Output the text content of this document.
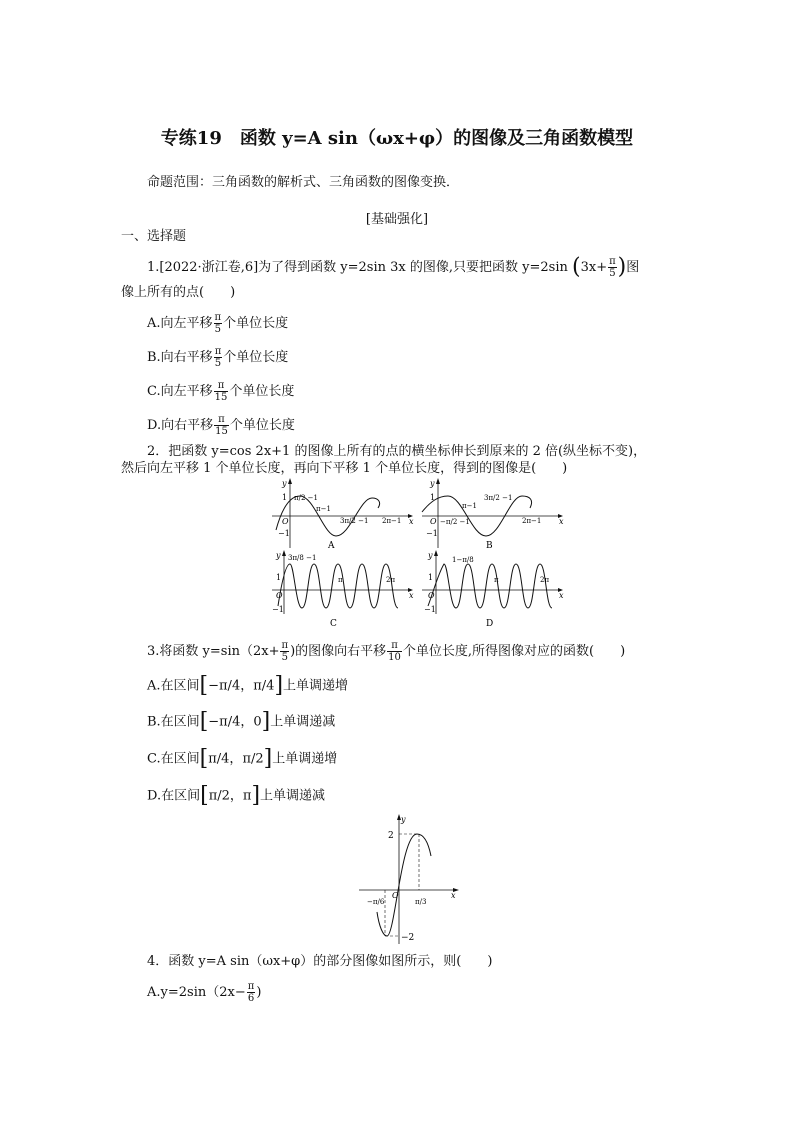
专练19　函数 y=A sin（ωx+φ）的图像及三角函数模型
命题范围：三角函数的解析式、三角函数的图像变换．
[基础强化]
一、选择题
1.[2022·浙江卷,6]为了得到函数 y=2sin 3x 的图像,只要把函数 y=2sin ($3x+ \frac{\pi}{5}$ )图
像上所有的点(　　)
A.向左平移 $\frac{\pi}{5}$ 个单位长度
B.向右平移 $\frac{\pi}{5}$ 个单位长度
C.向左平移 $\frac{\pi}{15}$ 个单位长度
D.向右平移 $\frac{\pi}{15}$ 个单位长度
2．把函数 y=cos 2x+1 的图像上所有的点的横坐标伸长到原来的 2 倍(纵坐标不变)，
然后向左平移 1 个单位长度，再向下平移 1 个单位长度，得到的图像是(　　)
y
x
O
1
−1
π/2 −1
π−1
3π/2 −1 2π−1
A
y
x
O
1
−1
−π/2 −1
π−1
3π/2 −1
2π−1
B
y
x
O
1
−1
3π/8 −1
π	2π
C
y
x
O
1
−1
1−π/8
π	2π
D
3.将函数 $y=\sin(2x+ \frac{\pi}{5}$ )的图像向右平移 $\frac{\pi}{10}$ 个单位长度,所得图像对应的函数(　　)
A.在区间[−π/4，π/4]上单调递增
B.在区间[−π/4，0]上单调递减
C.在区间[π/4，π/2]上单调递增
D.在区间[π/2，π]上单调递减
y
x
O
2
−2
−π/6	π/3
4．函数 y=A sin（ωx+φ）的部分图像如图所示，则(　　)
$A.y=2\sin(2x- \frac{\pi}{6}$ )
